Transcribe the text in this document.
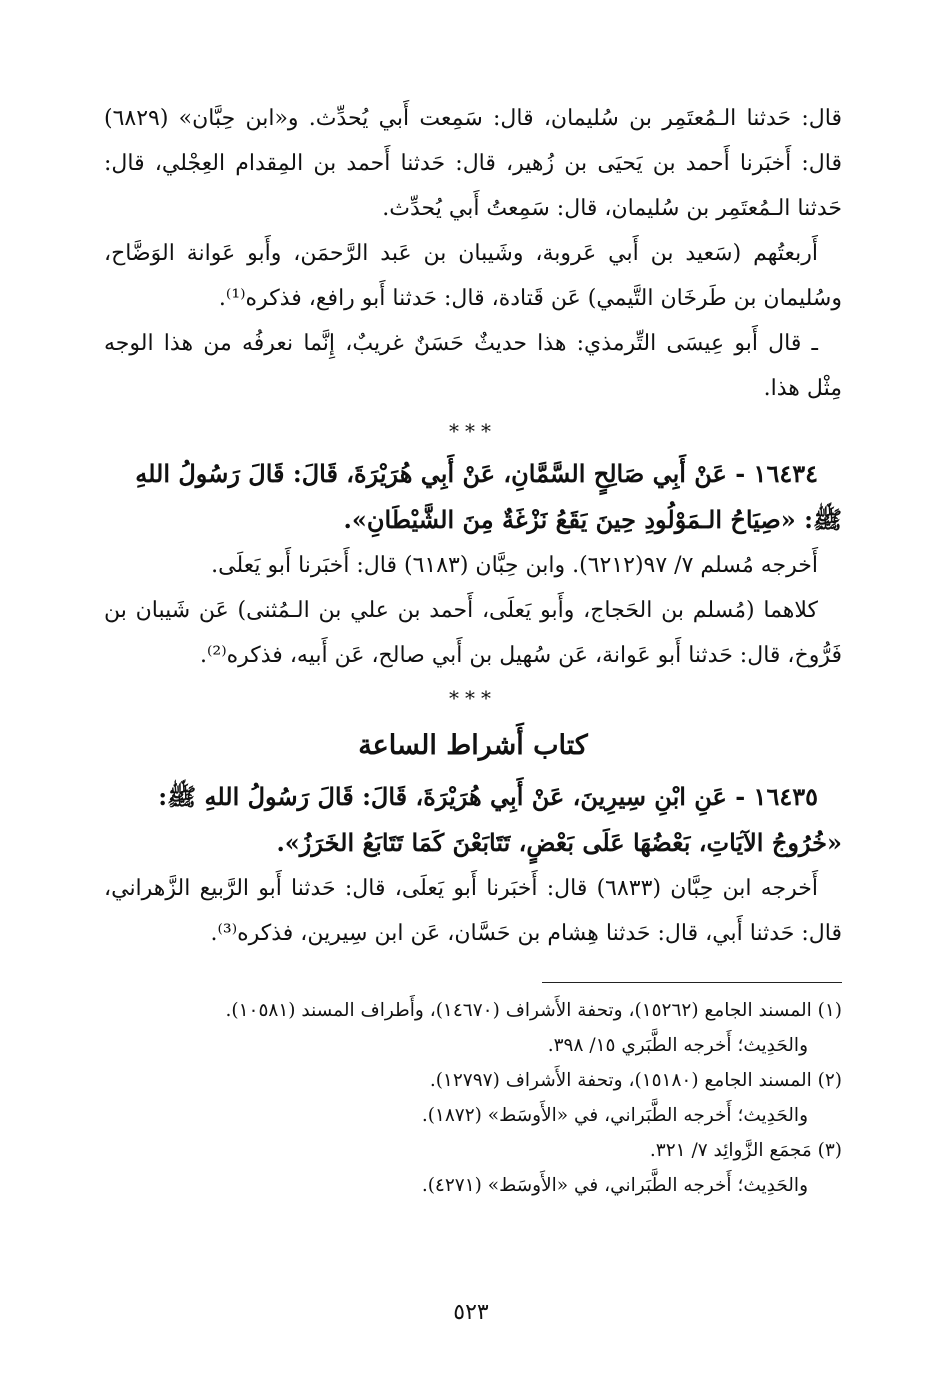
قال: حَدثنا الـمُعتَمِر بن سُليمان، قال: سَمِعت أَبي يُحدِّث. و«ابن حِبَّان» (٦٨٢٩) قال: أَخبَرنا أَحمد بن يَحيَى بن زُهير، قال: حَدثنا أَحمد بن المِقدام العِجْلي، قال: حَدثنا الـمُعتَمِر بن سُليمان، قال: سَمِعتُ أَبي يُحدِّث.

أَربعتُهم (سَعيد بن أَبي عَروبة، وشَيبان بن عَبد الرَّحمَن، وأَبو عَوانة الوَضَّاح، وسُليمان بن طَرخَان التَّيمي) عَن قَتادة، قال: حَدثنا أَبو رافع، فذكره⁽¹⁾.

ـ قال أَبو عِيسَى التِّرمذي: هذا حديثٌ حَسَنٌ غريبٌ، إِنَّما نعرفُه من هذا الوجه مِثْل هذا.

***

١٦٤٣٤ - عَنْ أَبِي صَالِحٍ السَّمَّانِ، عَنْ أَبِي هُرَيْرَةَ، قَالَ: قَالَ رَسُولُ اللهِ ﷺ: «صِيَاحُ الـمَوْلُودِ حِينَ يَقَعُ نَزْغَةٌ مِنَ الشَّيْطَانِ».

أَخرجه مُسلم ٧/ ٩٧(٦٢١٢). وابن حِبَّان (٦١٨٣) قال: أَخبَرنا أَبو يَعلَى.

كلاهما (مُسلم بن الحَجاج، وأَبو يَعلَى، أَحمد بن علي بن الـمُثنى) عَن شَيبان بن فَرُّوخ، قال: حَدثنا أَبو عَوانة، عَن سُهيل بن أَبي صالح، عَن أَبيه، فذكره⁽²⁾.

***

كتاب أَشراط الساعة

١٦٤٣٥ - عَنِ ابْنِ سِيرِينَ، عَنْ أَبِي هُرَيْرَةَ، قَالَ: قَالَ رَسُولُ اللهِ ﷺ: «خُرُوجُ الآيَاتِ، بَعْضُهَا عَلَى بَعْضٍ، تَتَابَعْنَ كَمَا تَتَابَعُ الخَرَزُ».

أَخرجه ابن حِبَّان (٦٨٣٣) قال: أَخبَرنا أَبو يَعلَى، قال: حَدثنا أَبو الرَّبيع الزَّهراني، قال: حَدثنا أَبي، قال: حَدثنا هِشام بن حَسَّان، عَن ابن سِيرين، فذكره⁽³⁾.

(١) المسند الجامع (١٥٢٦٢)، وتحفة الأَشراف (١٤٦٧٠)، وأَطراف المسند (١٠٥٨١).

والحَدِيث؛ أَخرجه الطَّبَري ١٥/ ٣٩٨.

(٢) المسند الجامع (١٥١٨٠)، وتحفة الأَشراف (١٢٧٩٧).

والحَدِيث؛ أَخرجه الطَّبَراني، في «الأَوسَط» (١٨٧٢).

(٣) مَجمَع الزَّوائِد ٧/ ٣٢١.

والحَدِيث؛ أَخرجه الطَّبَراني، في «الأَوسَط» (٤٢٧١).

٥٢٣
